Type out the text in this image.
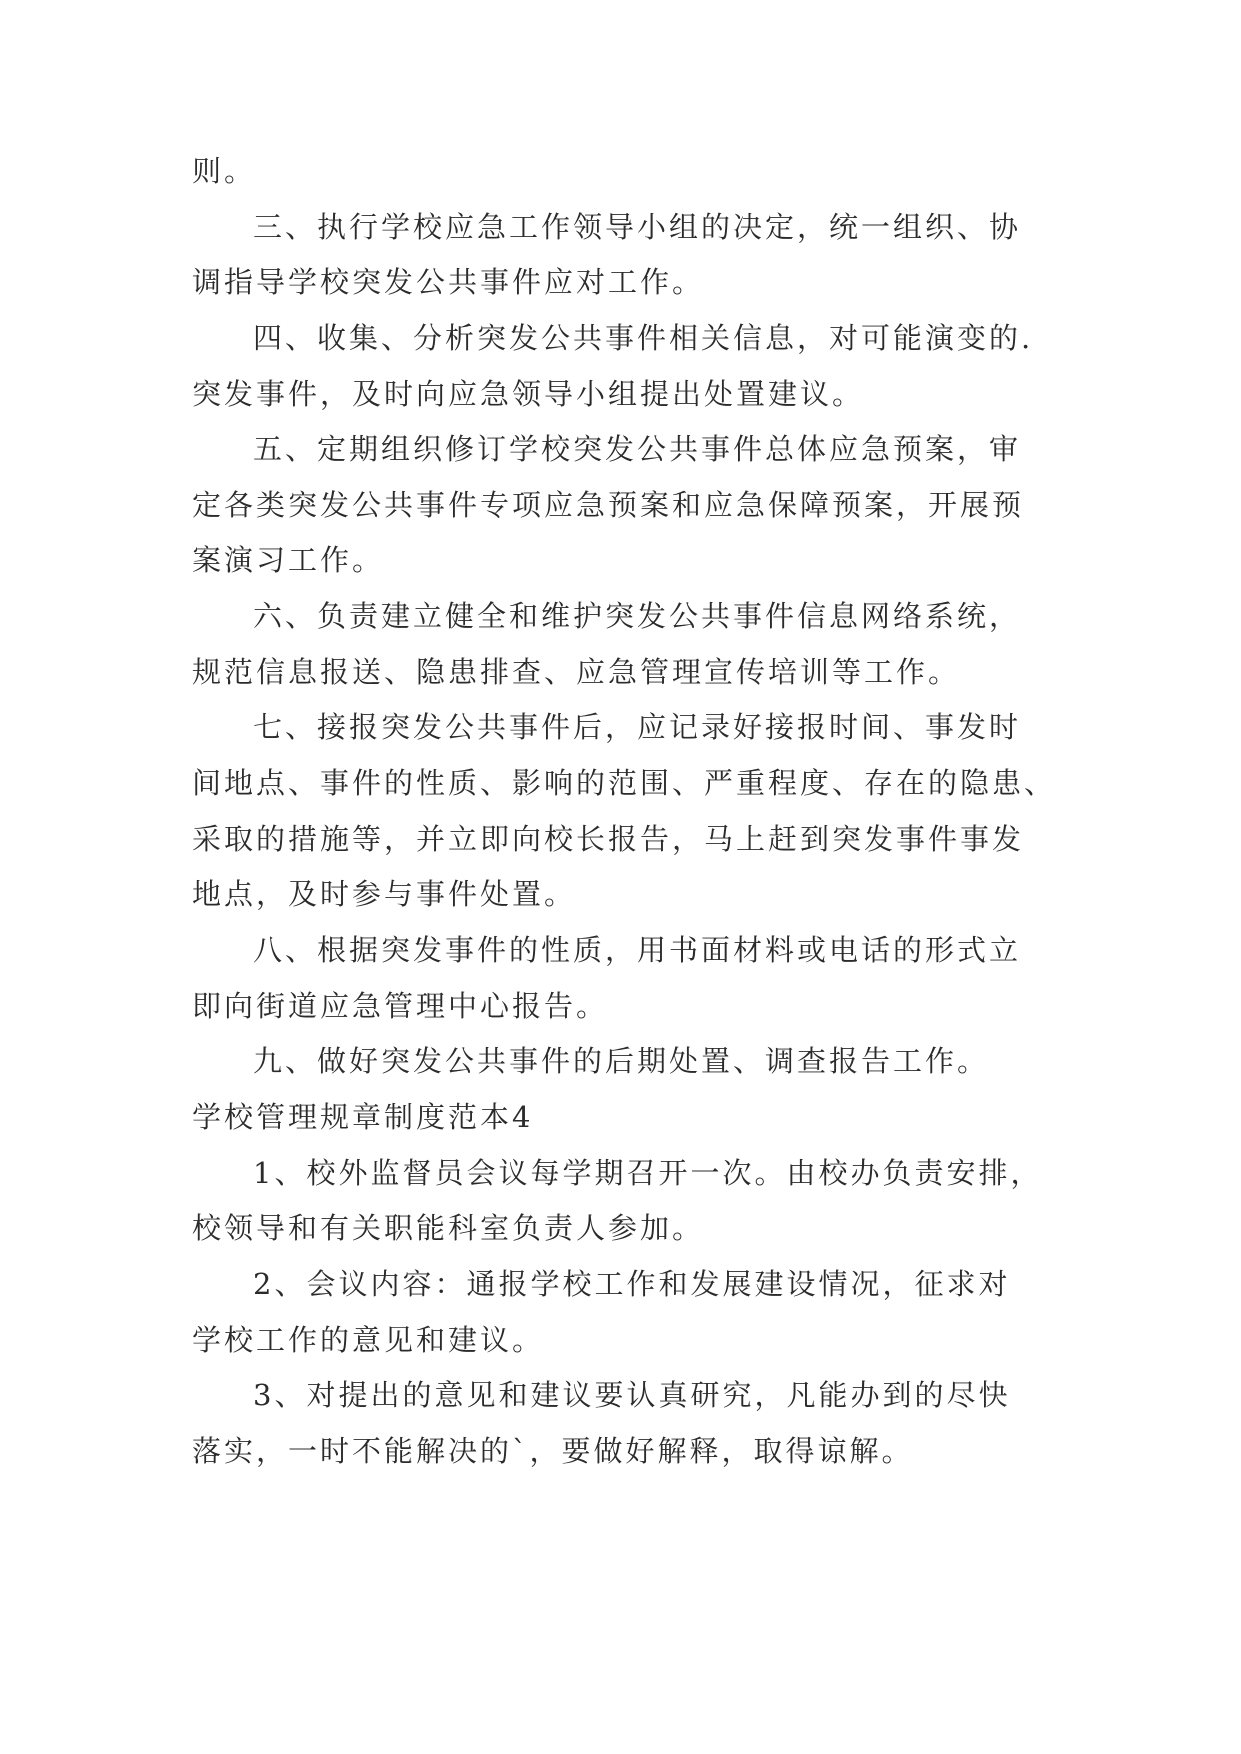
则。
三、执行学校应急工作领导小组的决定，统一组织、协
调指导学校突发公共事件应对工作。
四、收集、分析突发公共事件相关信息，对可能演变的.
突发事件，及时向应急领导小组提出处置建议。
五、定期组织修订学校突发公共事件总体应急预案，审
定各类突发公共事件专项应急预案和应急保障预案，开展预
案演习工作。
六、负责建立健全和维护突发公共事件信息网络系统，
规范信息报送、隐患排查、应急管理宣传培训等工作。
七、接报突发公共事件后，应记录好接报时间、事发时
间地点、事件的性质、影响的范围、严重程度、存在的隐患、
采取的措施等，并立即向校长报告，马上赶到突发事件事发
地点，及时参与事件处置。
八、根据突发事件的性质，用书面材料或电话的形式立
即向街道应急管理中心报告。
九、做好突发公共事件的后期处置、调查报告工作。
学校管理规章制度范本4
1、校外监督员会议每学期召开一次。由校办负责安排，
校领导和有关职能科室负责人参加。
2、会议内容：通报学校工作和发展建设情况，征求对
学校工作的意见和建议。
3、对提出的意见和建议要认真研究，凡能办到的尽快
落实，一时不能解决的`，要做好解释，取得谅解。
